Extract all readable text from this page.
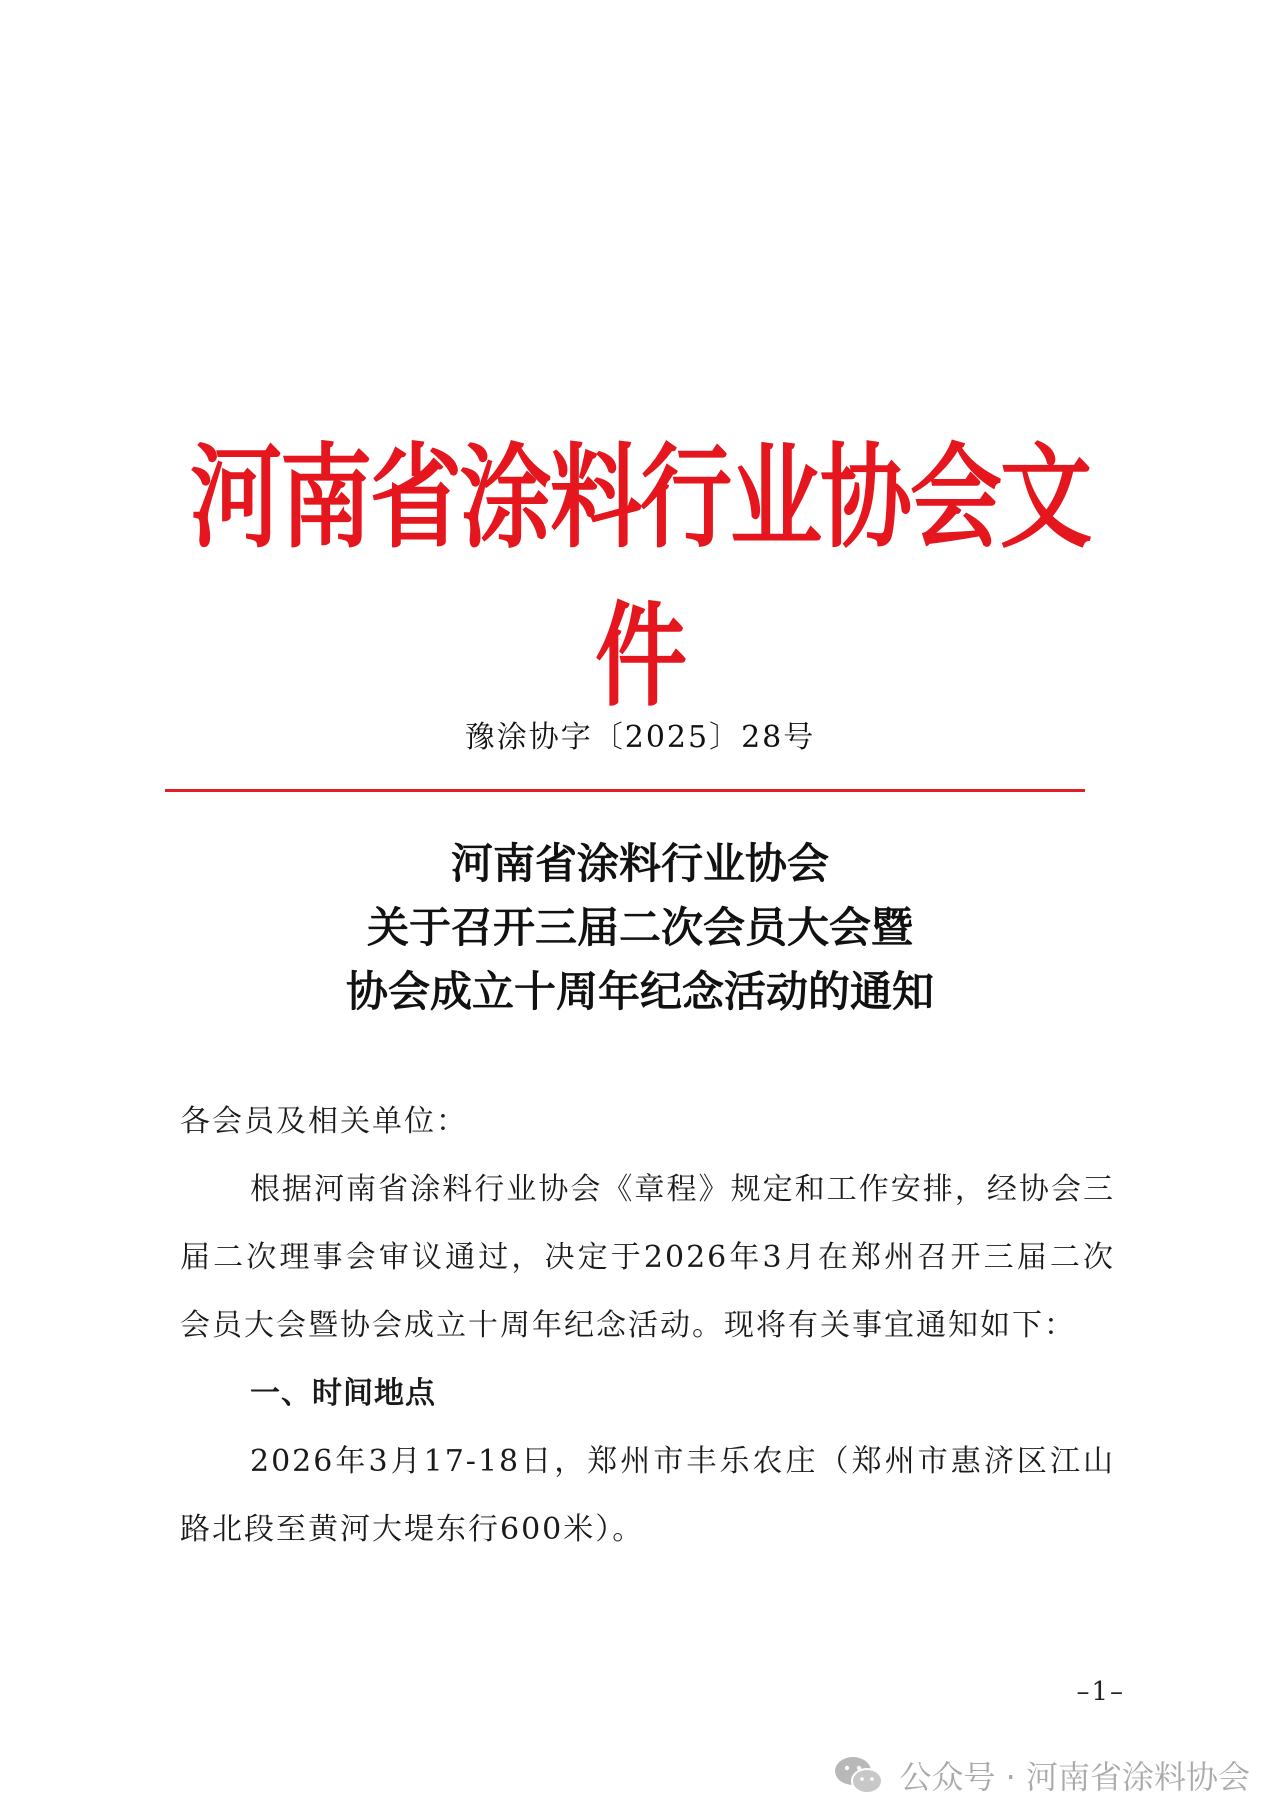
河南省涂料行业协会文件
豫涂协字〔2025〕28号
河南省涂料行业协会
关于召开三届二次会员大会暨
协会成立十周年纪念活动的通知

各会员及相关单位：

根据河南省涂料行业协会《章程》规定和工作安排，经协会三届二次理事会审议通过，决定于2026年3月在郑州召开三届二次会员大会暨协会成立十周年纪念活动。现将有关事宜通知如下：

一、时间地点

2026年3月17-18日，郑州市丰乐农庄（郑州市惠济区江山路北段至黄河大堤东行600米）。

–1–
公众号 · 河南省涂料协会
